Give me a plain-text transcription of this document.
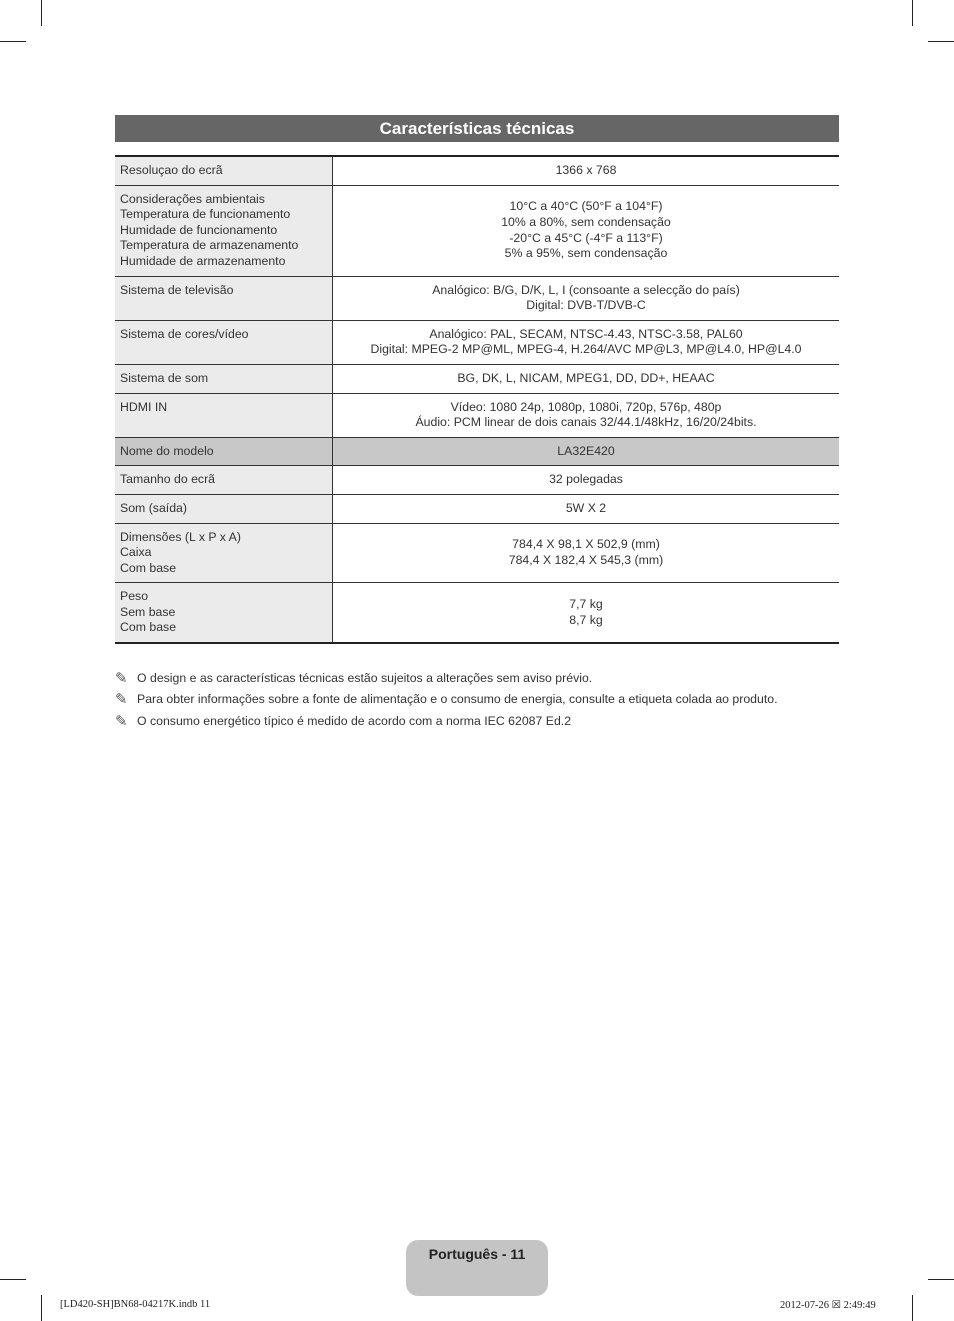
Características técnicas
Resoluçao do ecrã	1366 x 768

Considerações ambientais
Temperatura de funcionamento
Humidade de funcionamento
Temperatura de armazenamento
Humidade de armazenamento	10°C a 40°C (50°F a 104°F)
10% a 80%, sem condensação
-20°C a 45°C (-4°F a 113°F)
5% a 95%, sem condensação

Sistema de televisão	Analógico: B/G, D/K, L, I (consoante a selecção do país)
Digital: DVB-T/DVB-C

Sistema de cores/vídeo	Analógico: PAL, SECAM, NTSC-4.43, NTSC-3.58, PAL60
Digital: MPEG-2 MP@ML, MPEG-4, H.264/AVC MP@L3, MP@L4.0, HP@L4.0

Sistema de som	BG, DK, L, NICAM, MPEG1, DD, DD+, HEAAC

HDMI IN	Vídeo: 1080 24p, 1080p, 1080i, 720p, 576p, 480p
Áudio: PCM linear de dois canais 32/44.1/48kHz, 16/20/24bits.

Nome do modelo	LA32E420

Tamanho do ecrã	32 polegadas

Som (saída)	5W X 2

Dimensões (L x P x A)
Caixa
Com base	784,4 X 98,1 X 502,9 (mm)
784,4 X 182,4 X 545,3 (mm)

Peso
Sem base
Com base	7,7 kg
8,7 kg
✎ O design e as características técnicas estão sujeitos a alterações sem aviso prévio.
✎ Para obter informações sobre a fonte de alimentação e o consumo de energia, consulte a etiqueta colada ao produto.
✎ O consumo energético típico é medido de acordo com a norma IEC 62087 Ed.2
Português - 11
[LD420-SH]BN68-04217K.indb 11	2012-07-26 ☒ 2:49:49
